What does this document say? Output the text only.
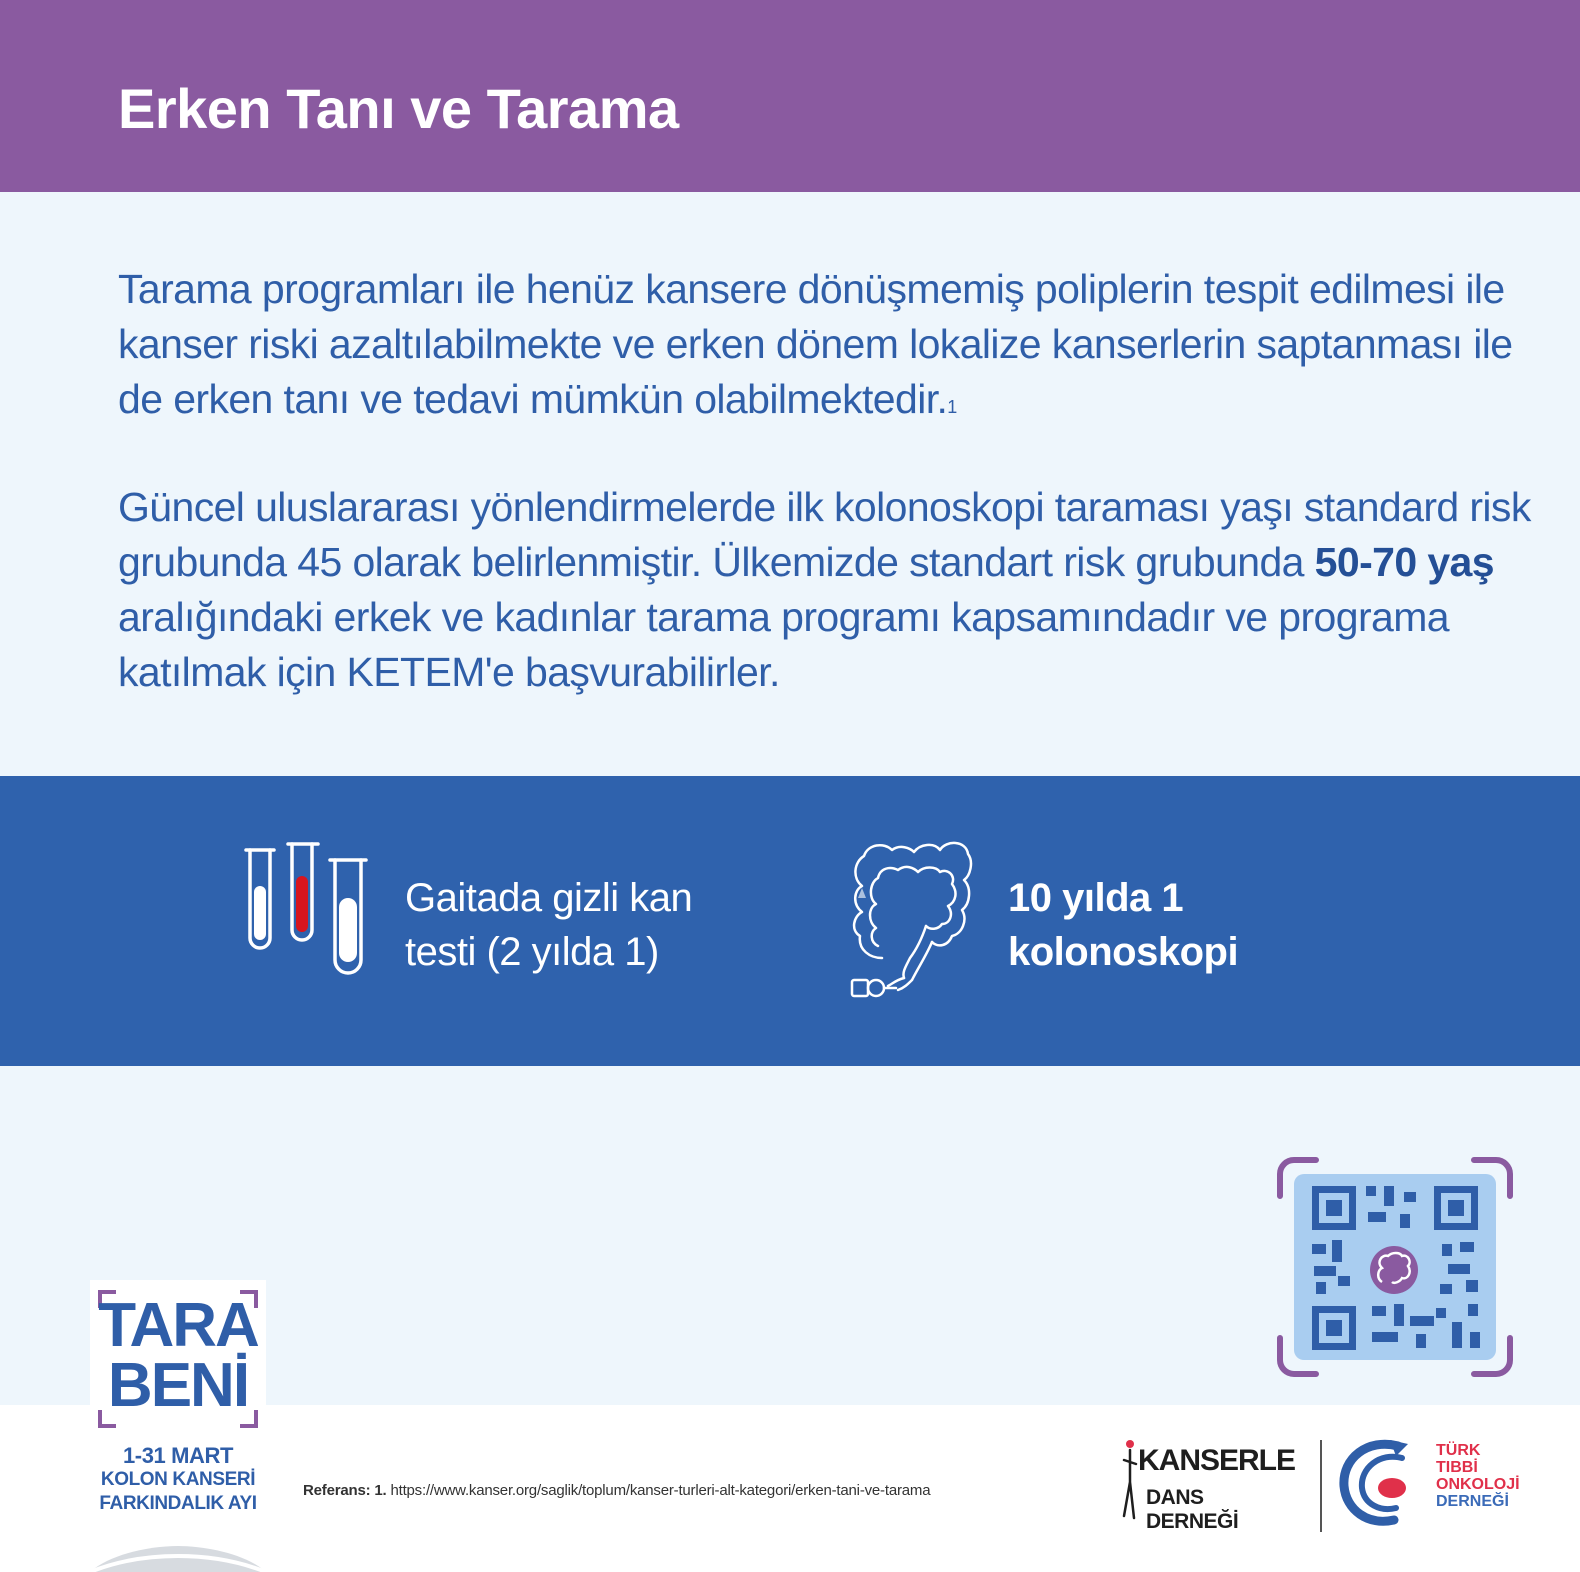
Erken Tanı ve Tarama

Tarama programları ile henüz kansere dönüşmemiş poliplerin tespit edilmesi ile kanser riski azaltılabilmekte ve erken dönem lokalize kanserlerin saptanması ile de erken tanı ve tedavi mümkün olabilmektedir.$^1$

Güncel uluslararası yönlendirmelerde ilk kolonoskopi taraması yaşı standard risk grubunda 45 olarak belirlenmiştir. Ülkemizde standart risk grubunda 50-70 yaş aralığındaki erkek ve kadınlar tarama programı kapsamındadır ve programa katılmak için KETEM'e başvurabilirler.

Gaitada gizli kan
testi (2 yılda 1)
10 yılda 1
kolonoskopi
TARA
BENİ
1-31 MART
KOLON KANSERİ
FARKINDALIK AYI
Referans: 1. https://www.kanser.org/saglik/toplum/kanser-turleri-alt-kategori/erken-tani-ve-tarama
KANSERLE
DANS DERNEĞİ
TÜRK
TIBBİ
ONKOLOJİ
DERNEĞİ
